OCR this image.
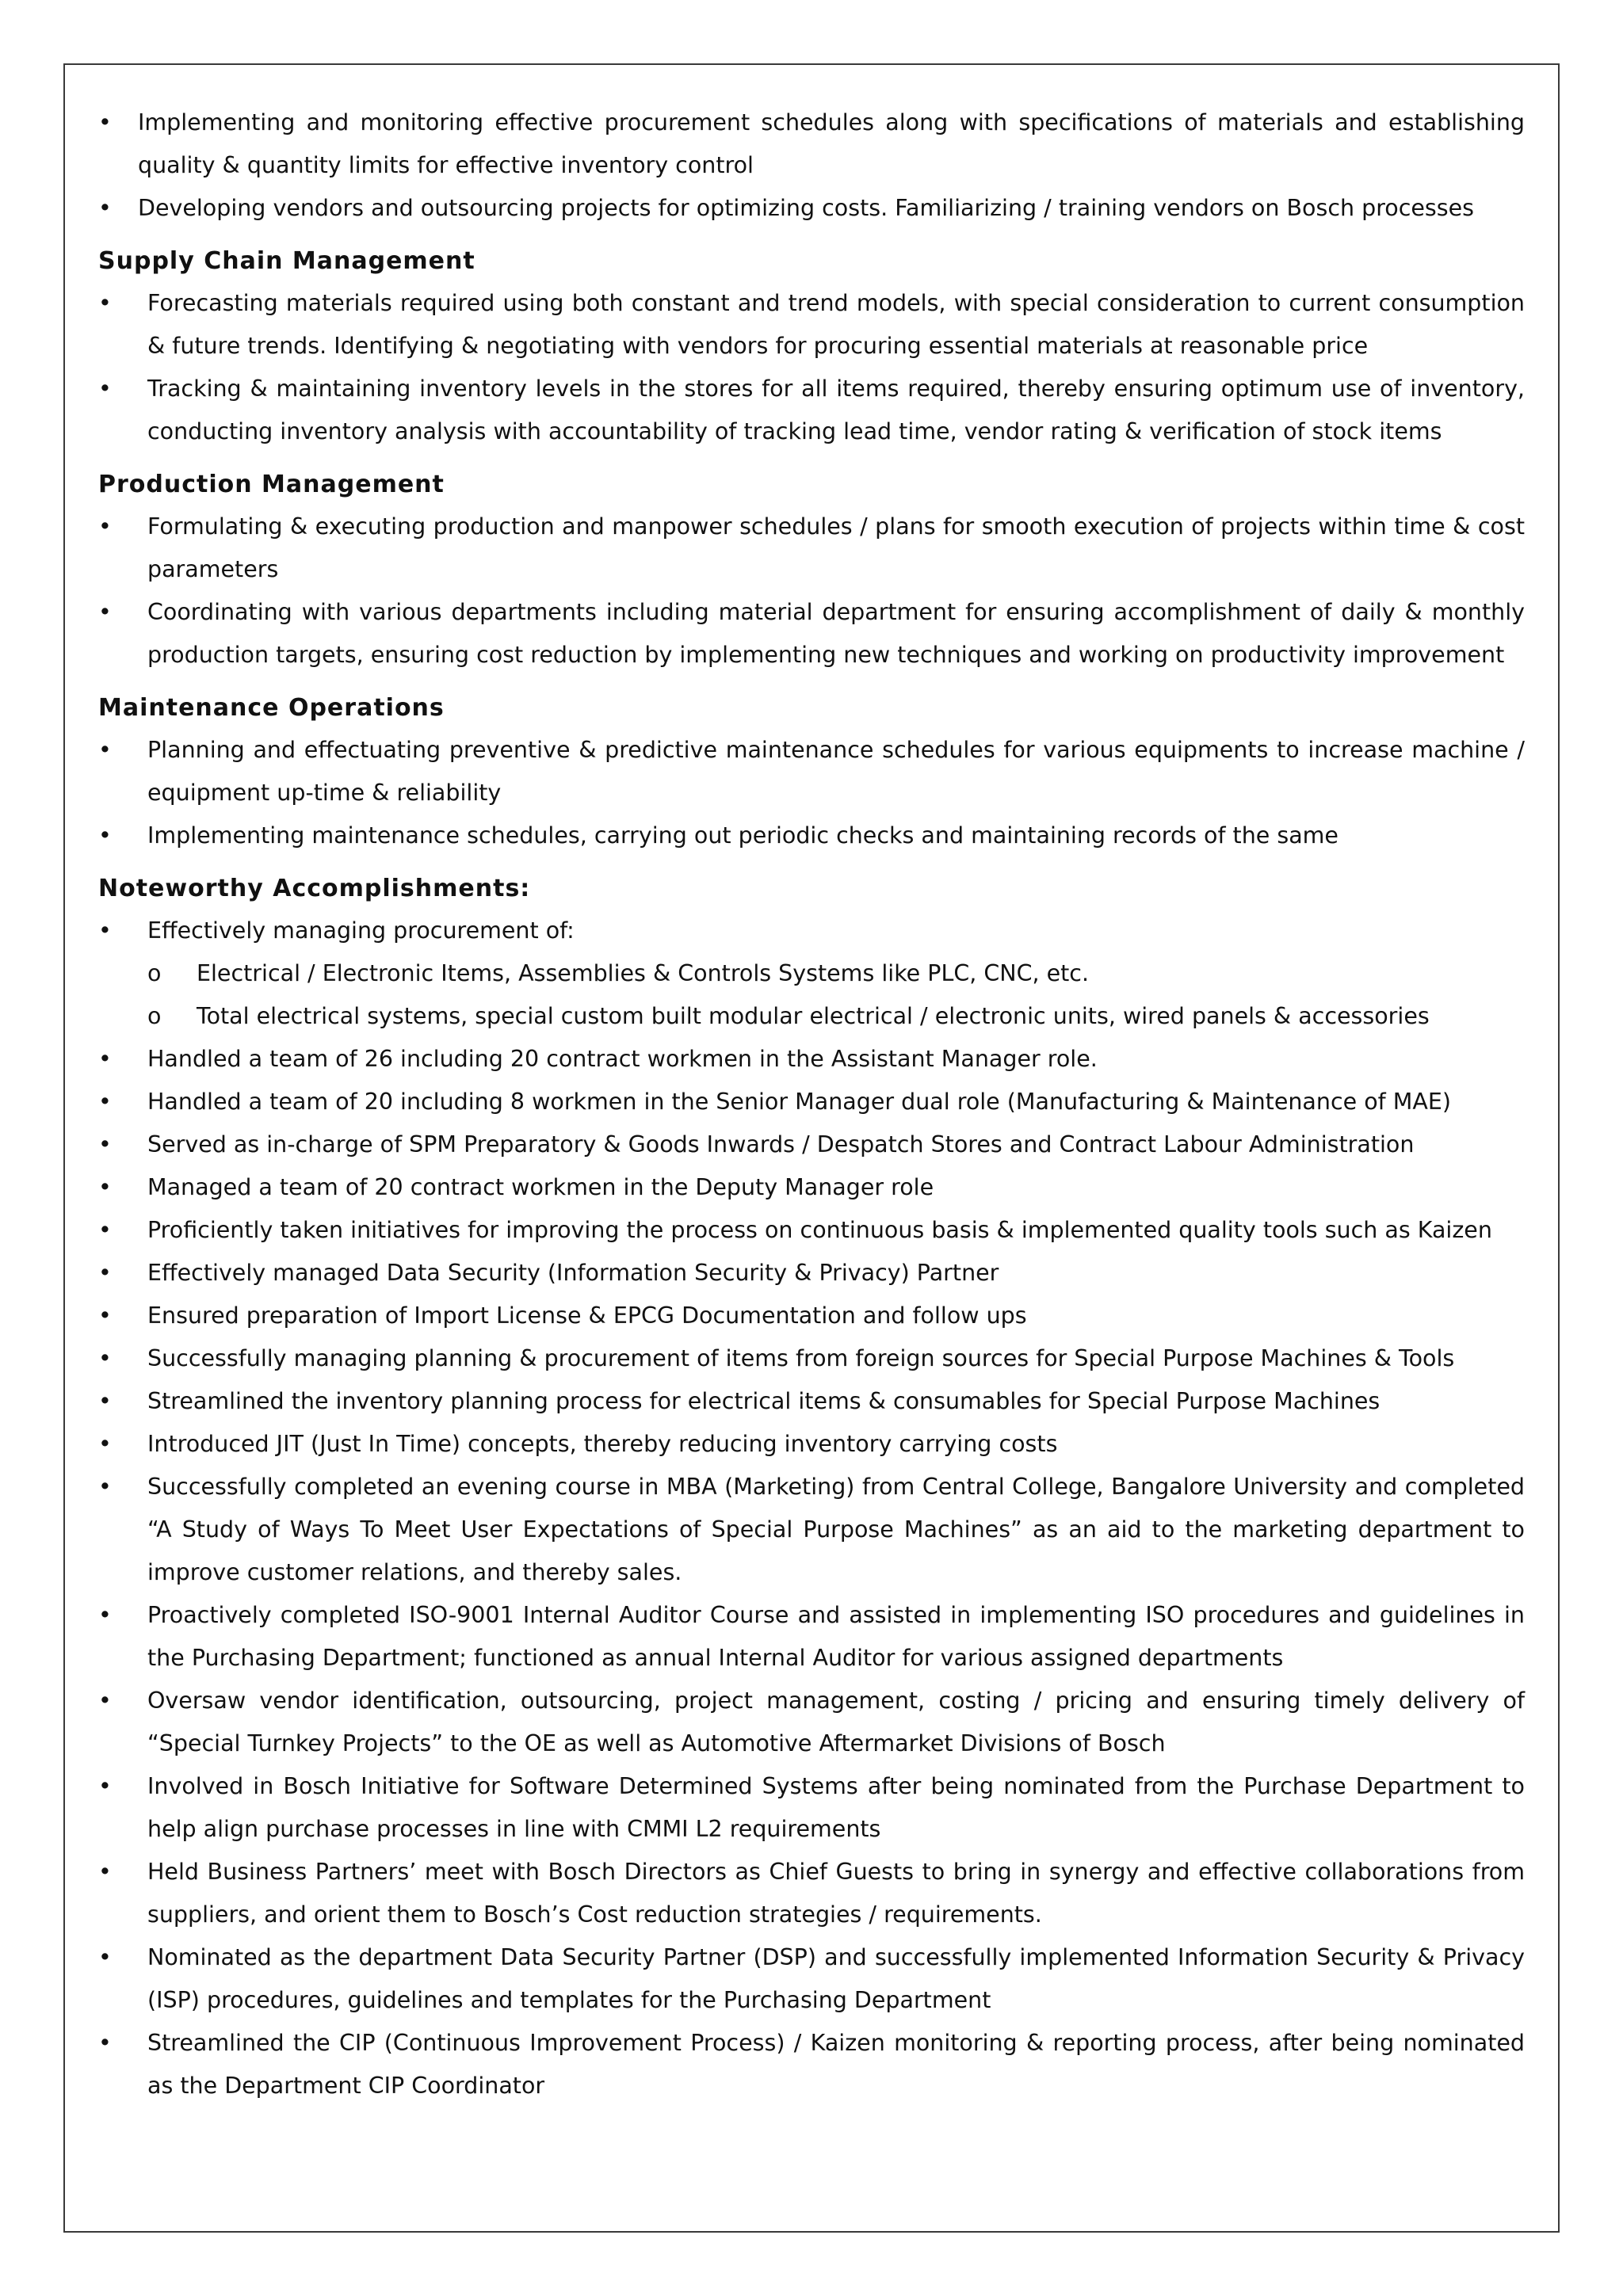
• Implementing and monitoring effective procurement schedules along with specifications of materials and establishing quality & quantity limits for effective inventory control
• Developing vendors and outsourcing projects for optimizing costs. Familiarizing / training vendors on Bosch processes
Supply Chain Management
• Forecasting materials required using both constant and trend models, with special consideration to current consumption & future trends. Identifying & negotiating with vendors for procuring essential materials at reasonable price
• Tracking & maintaining inventory levels in the stores for all items required, thereby ensuring optimum use of inventory, conducting inventory analysis with accountability of tracking lead time, vendor rating & verification of stock items
Production Management
• Formulating & executing production and manpower schedules / plans for smooth execution of projects within time & cost parameters
• Coordinating with various departments including material department for ensuring accomplishment of daily & monthly production targets, ensuring cost reduction by implementing new techniques and working on productivity improvement
Maintenance Operations
• Planning and effectuating preventive & predictive maintenance schedules for various equipments to increase machine / equipment up-time & reliability
• Implementing maintenance schedules, carrying out periodic checks and maintaining records of the same
Noteworthy Accomplishments:
• Effectively managing procurement of:
o Electrical / Electronic Items, Assemblies & Controls Systems like PLC, CNC, etc.
o Total electrical systems, special custom built modular electrical / electronic units, wired panels & accessories
• Handled a team of 26 including 20 contract workmen in the Assistant Manager role.
• Handled a team of 20 including 8 workmen in the Senior Manager dual role (Manufacturing & Maintenance of MAE)
• Served as in-charge of SPM Preparatory & Goods Inwards / Despatch Stores and Contract Labour Administration
• Managed a team of 20 contract workmen in the Deputy Manager role
• Proficiently taken initiatives for improving the process on continuous basis & implemented quality tools such as Kaizen
• Effectively managed Data Security (Information Security & Privacy) Partner
• Ensured preparation of Import License & EPCG Documentation and follow ups
• Successfully managing planning & procurement of items from foreign sources for Special Purpose Machines & Tools
• Streamlined the inventory planning process for electrical items & consumables for Special Purpose Machines
• Introduced JIT (Just In Time) concepts, thereby reducing inventory carrying costs
• Successfully completed an evening course in MBA (Marketing) from Central College, Bangalore University and completed “A Study of Ways To Meet User Expectations of Special Purpose Machines” as an aid to the marketing department to improve customer relations, and thereby sales.
• Proactively completed ISO-9001 Internal Auditor Course and assisted in implementing ISO procedures and guidelines in the Purchasing Department; functioned as annual Internal Auditor for various assigned departments
• Oversaw vendor identification, outsourcing, project management, costing / pricing and ensuring timely delivery of “Special Turnkey Projects” to the OE as well as Automotive Aftermarket Divisions of Bosch
• Involved in Bosch Initiative for Software Determined Systems after being nominated from the Purchase Department to help align purchase processes in line with CMMI L2 requirements
• Held Business Partners’ meet with Bosch Directors as Chief Guests to bring in synergy and effective collaborations from suppliers, and orient them to Bosch’s Cost reduction strategies / requirements.
• Nominated as the department Data Security Partner (DSP) and successfully implemented Information Security & Privacy (ISP) procedures, guidelines and templates for the Purchasing Department
• Streamlined the CIP (Continuous Improvement Process) / Kaizen monitoring & reporting process, after being nominated as the Department CIP Coordinator
